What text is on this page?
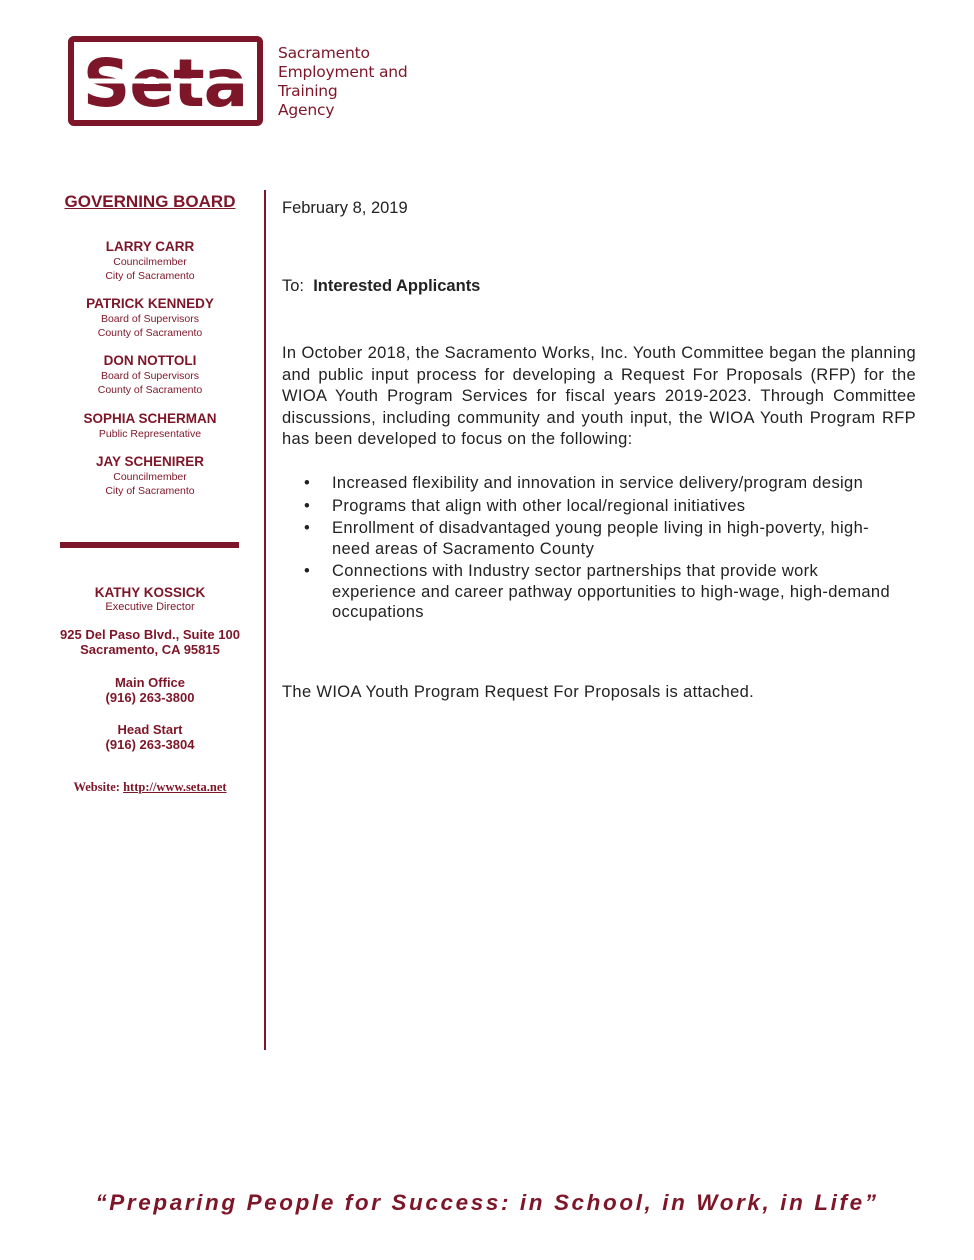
Seta Sacramento
Employment and
Training
Agency
GOVERNING BOARD
LARRY CARR
Councilmember
City of Sacramento
PATRICK KENNEDY
Board of Supervisors
County of Sacramento
DON NOTTOLI
Board of Supervisors
County of Sacramento
SOPHIA SCHERMAN
Public Representative
JAY SCHENIRER
Councilmember
City of Sacramento
KATHY KOSSICK
Executive Director
925 Del Paso Blvd., Suite 100
Sacramento, CA 95815
Main Office
(916) 263-3800
Head Start
(916) 263-3804
Website: http://www.seta.net
February 8, 2019
To: Interested Applicants
In October 2018, the Sacramento Works, Inc. Youth Committee began the planning and public input process for developing a Request For Proposals (RFP) for the WIOA Youth Program Services for fiscal years 2019-2023. Through Committee discussions, including community and youth input, the WIOA Youth Program RFP has been developed to focus on the following:
• Increased flexibility and innovation in service delivery/program design
• Programs that align with other local/regional initiatives
• Enrollment of disadvantaged young people living in high-poverty, high-need areas of Sacramento County
• Connections with Industry sector partnerships that provide work experience and career pathway opportunities to high-wage, high-demand occupations
The WIOA Youth Program Request For Proposals is attached.
“Preparing People for Success: in School, in Work, in Life”
